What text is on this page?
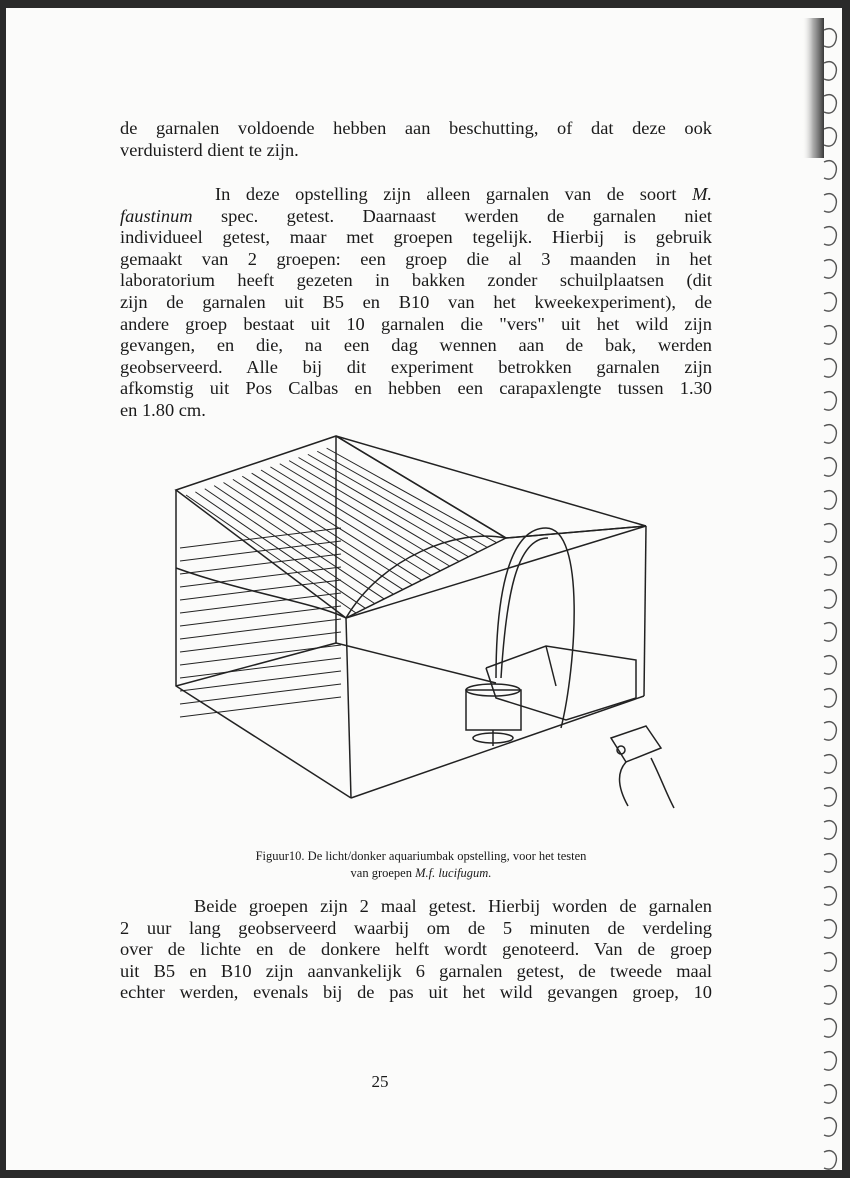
de garnalen voldoende hebben aan beschutting, of dat deze ook
verduisterd dient te zijn.

In deze opstelling zijn alleen garnalen van de soort M.
faustinum spec. getest. Daarnaast werden de garnalen niet
individueel getest, maar met groepen tegelijk. Hierbij is gebruik
gemaakt van 2 groepen: een groep die al 3 maanden in het
laboratorium heeft gezeten in bakken zonder schuilplaatsen (dit
zijn de garnalen uit B5 en B10 van het kweekexperiment), de
andere groep bestaat uit 10 garnalen die "vers" uit het wild zijn
gevangen, en die, na een dag wennen aan de bak, werden
geobserveerd. Alle bij dit experiment betrokken garnalen zijn
afkomstig uit Pos Calbas en hebben een carapaxlengte tussen 1.30
en 1.80 cm.

Figuur10. De licht/donker aquariumbak opstelling, voor het testen
van groepen M.f. lucifugum.

Beide groepen zijn 2 maal getest. Hierbij worden de garnalen
2 uur lang geobserveerd waarbij om de 5 minuten de verdeling
over de lichte en de donkere helft wordt genoteerd. Van de groep
uit B5 en B10 zijn aanvankelijk 6 garnalen getest, de tweede maal
echter werden, evenals bij de pas uit het wild gevangen groep, 10

25
